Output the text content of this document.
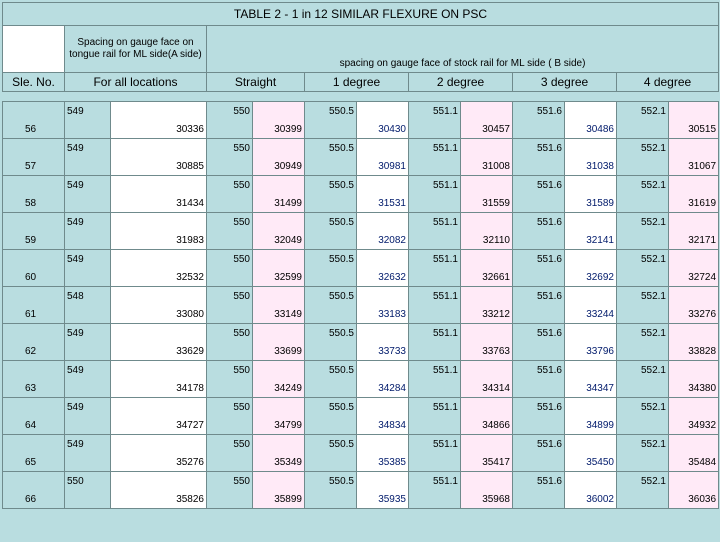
TABLE 2 - 1 in 12 SIMILAR FLEXURE ON PSC												
	Spacing on gauge face on tongue rail for ML side(A side)		spacing on gauge face of stock rail for ML side ( B side)									
Sle. No.	For all locations		Straight		1 degree		2 degree		3 degree		4 degree	

	549		550		550.5		551.1		551.6		552.1	
56		30336		30399		30430		30457		30486		30515
	549		550		550.5		551.1		551.6		552.1	
57		30885		30949		30981		31008		31038		31067
	549		550		550.5		551.1		551.6		552.1	
58		31434		31499		31531		31559		31589		31619
	549		550		550.5		551.1		551.6		552.1	
59		31983		32049		32082		32110		32141		32171
	549		550		550.5		551.1		551.6		552.1	
60		32532		32599		32632		32661		32692		32724
	548		550		550.5		551.1		551.6		552.1	
61		33080		33149		33183		33212		33244		33276
	549		550		550.5		551.1		551.6		552.1	
62		33629		33699		33733		33763		33796		33828
	549		550		550.5		551.1		551.6		552.1	
63		34178		34249		34284		34314		34347		34380
	549		550		550.5		551.1		551.6		552.1	
64		34727		34799		34834		34866		34899		34932
	549		550		550.5		551.1		551.6		552.1	
65		35276		35349		35385		35417		35450		35484
	550		550		550.5		551.1		551.6		552.1	
66		35826		35899		35935		35968		36002		36036
